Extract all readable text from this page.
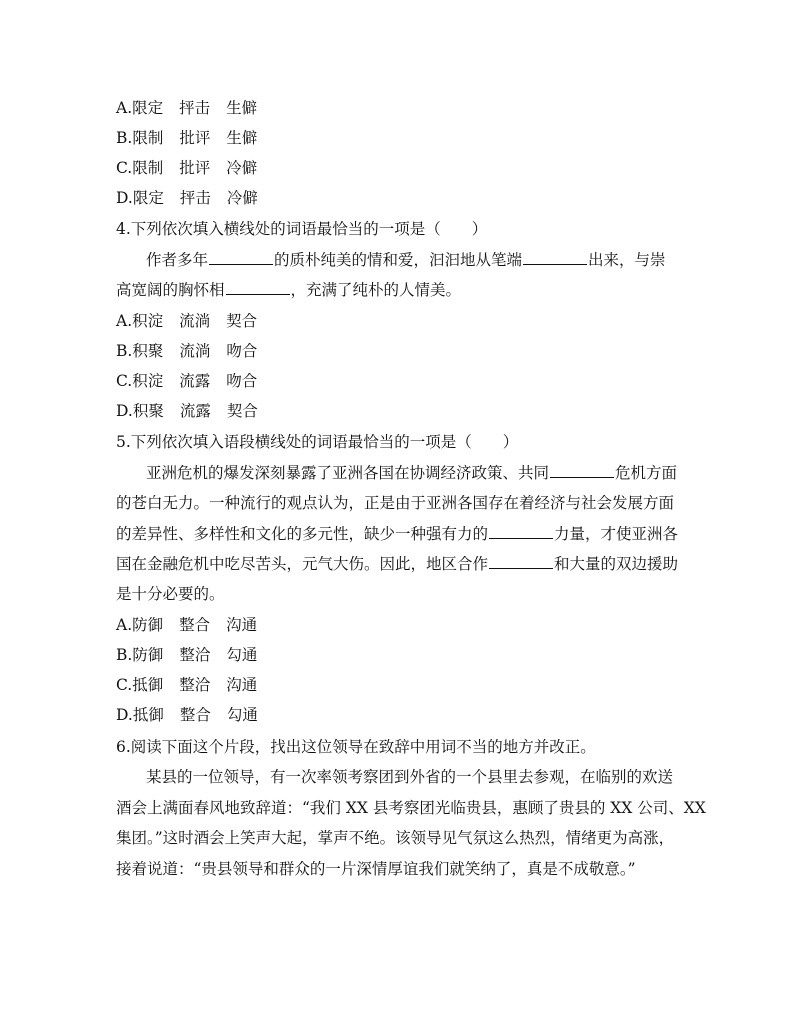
A.限定 抨击 生僻
B.限制 批评 生僻
C.限制 批评 冷僻
D.限定 抨击 冷僻
4.下列依次填入横线处的词语最恰当的一项是（　　）
作者多年	的质朴纯美的情和爱，汩汩地从笔端	出来，与崇
高宽阔的胸怀相	，充满了纯朴的人情美。
A.积淀 流淌 契合
B.积聚 流淌 吻合
C.积淀 流露 吻合
D.积聚 流露 契合
5.下列依次填入语段横线处的词语最恰当的一项是（　　）
亚洲危机的爆发深刻暴露了亚洲各国在协调经济政策、共同	危机方面
的苍白无力。一种流行的观点认为，正是由于亚洲各国存在着经济与社会发展方面
的差异性、多样性和文化的多元性，缺少一种强有力的	力量，才使亚洲各
国在金融危机中吃尽苦头，元气大伤。因此，地区合作	和大量的双边援助
是十分必要的。
A.防御 整合 沟通
B.防御 整洽 勾通
C.抵御 整洽 沟通
D.抵御 整合 勾通
6.阅读下面这个片段，找出这位领导在致辞中用词不当的地方并改正。
某县的一位领导，有一次率领考察团到外省的一个县里去参观，在临别的欢送
酒会上满面春风地致辞道：“我们 XX 县考察团光临贵县，惠顾了贵县的 XX 公司、XX
集团。”这时酒会上笑声大起，掌声不绝。该领导见气氛这么热烈，情绪更为高涨，
接着说道：“贵县领导和群众的一片深情厚谊我们就笑纳了，真是不成敬意。”
